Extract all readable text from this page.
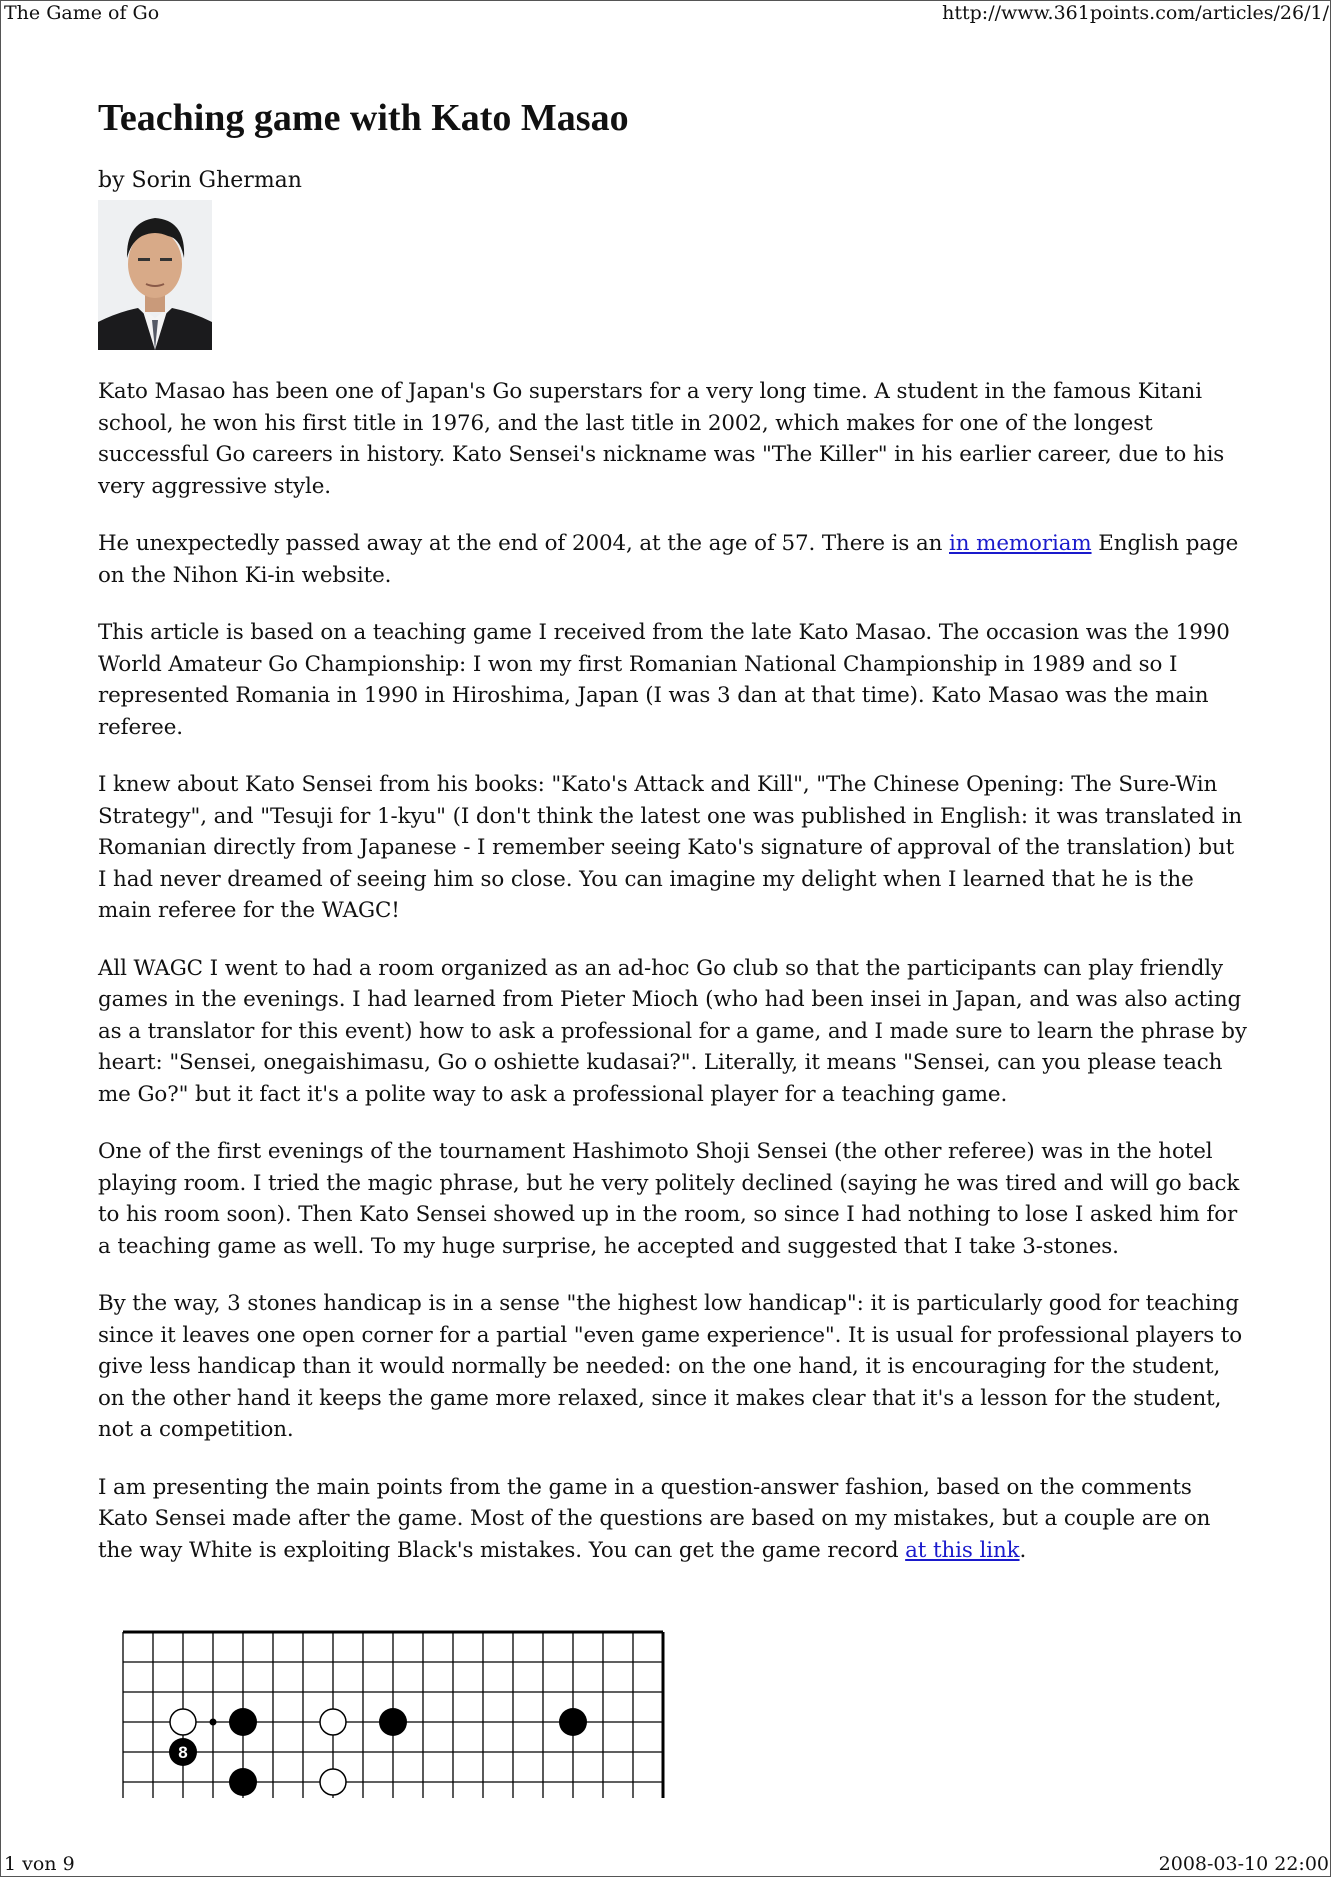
The Game of Go	http://www.361points.com/articles/26/1/
Teaching game with Kato Masao
by Sorin Gherman

Kato Masao has been one of Japan's Go superstars for a very long time. A student in the famous Kitani school, he won his first title in 1976, and the last title in 2002, which makes for one of the longest successful Go careers in history. Kato Sensei's nickname was "The Killer" in his earlier career, due to his very aggressive style.

He unexpectedly passed away at the end of 2004, at the age of 57. There is an in memoriam English page on the Nihon Ki-in website.

This article is based on a teaching game I received from the late Kato Masao. The occasion was the 1990 World Amateur Go Championship: I won my first Romanian National Championship in 1989 and so I represented Romania in 1990 in Hiroshima, Japan (I was 3 dan at that time). Kato Masao was the main referee.

I knew about Kato Sensei from his books: "Kato's Attack and Kill", "The Chinese Opening: The Sure-Win Strategy", and "Tesuji for 1-kyu" (I don't think the latest one was published in English: it was translated in Romanian directly from Japanese - I remember seeing Kato's signature of approval of the translation) but I had never dreamed of seeing him so close. You can imagine my delight when I learned that he is the main referee for the WAGC!

All WAGC I went to had a room organized as an ad-hoc Go club so that the participants can play friendly games in the evenings. I had learned from Pieter Mioch (who had been insei in Japan, and was also acting as a translator for this event) how to ask a professional for a game, and I made sure to learn the phrase by heart: "Sensei, onegaishimasu, Go o oshiette kudasai?". Literally, it means "Sensei, can you please teach me Go?" but it fact it's a polite way to ask a professional player for a teaching game.

One of the first evenings of the tournament Hashimoto Shoji Sensei (the other referee) was in the hotel playing room. I tried the magic phrase, but he very politely declined (saying he was tired and will go back to his room soon). Then Kato Sensei showed up in the room, so since I had nothing to lose I asked him for a teaching game as well. To my huge surprise, he accepted and suggested that I take 3-stones.

By the way, 3 stones handicap is in a sense "the highest low handicap": it is particularly good for teaching since it leaves one open corner for a partial "even game experience". It is usual for professional players to give less handicap than it would normally be needed: on the one hand, it is encouraging for the student, on the other hand it keeps the game more relaxed, since it makes clear that it's a lesson for the student, not a competition.

I am presenting the main points from the game in a question-answer fashion, based on the comments Kato Sensei made after the game. Most of the questions are based on my mistakes, but a couple are on the way White is exploiting Black's mistakes. You can get the game record at this link.

8
1 von 9	2008-03-10 22:00
